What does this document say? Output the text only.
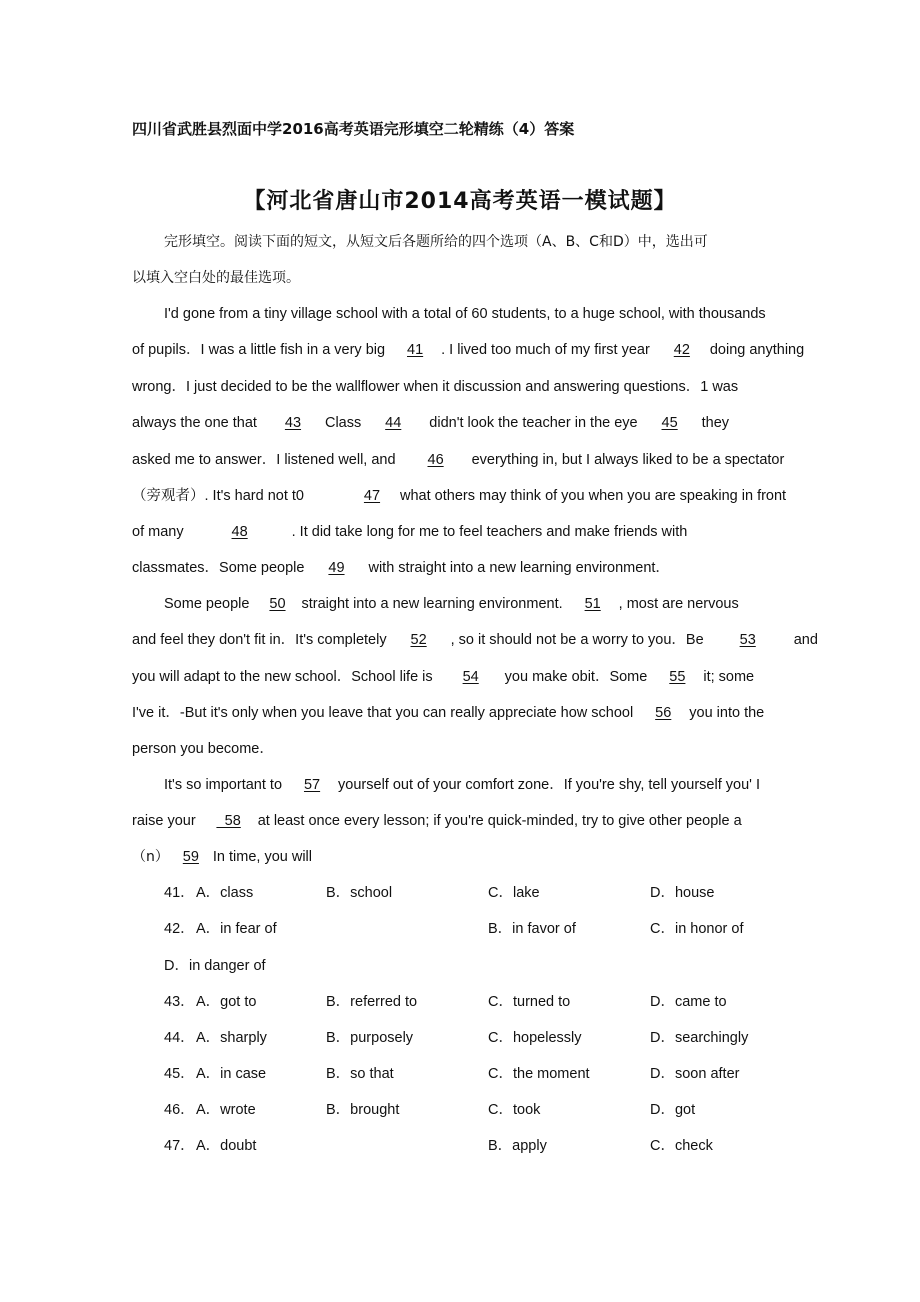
四川省武胜县烈面中学2016高考英语完形填空二轮精练（4）答案
【河北省唐山市2014高考英语一模试题】
完形填空。阅读下面的短文，从短文后各题所给的四个选项（A、B、C和D）中，选出可
以填入空白处的最佳选项。
I'd gone from a tiny village school with a total of 60 students, to a huge school, with thousands
of pupils．I was a little fish in a very big 41 . I lived too much of my first year 42 doing anything
wrong．I just decided to be the wallflower when it discussion and answering questions．1 was
always the one that 43 Class 44 didn't look the teacher in the eye 45 they
asked me to answer．I listened well, and 46 everything in, but I always liked to be a spectator
（旁观者）. It's hard not t0	47 what others may think of you when you are speaking in front
of many	48	. It did take long for me to feel teachers and make friends with
classmates．Some people 49 with straight into a new learning environment．
Some people 50 straight into a new learning environment. 51 , most are nervous
and feel they don't fit in．It's completely 52 , so it should not be a worry to you．Be 53	and
you will adapt to the new school．School life is 54 you make obit．Some 55 it; some
I've it．-But it's only when you leave that you can really appreciate how school 56 you into the
person you become．
It's so important to 57 yourself out of your comfort zone．If you're shy, tell yourself you' I
raise your _58 at least once every lesson; if you're quick-minded, try to give other people a
（n） 59 In time, you will
41． A．class	B．school	C．lake	D．house
42． A．in fear of	B．in favor of	C．in honor of
D．in danger of
43． A．got to	B．referred to	C．turned to	D．came to
44． A．sharply	B．purposely	C．hopelessly	D．searchingly
45． A．in case	B．so that	C．the moment	D．soon after
46． A．wrote	B．brought	C．took	D．got
47． A．doubt	B．apply	C．check
